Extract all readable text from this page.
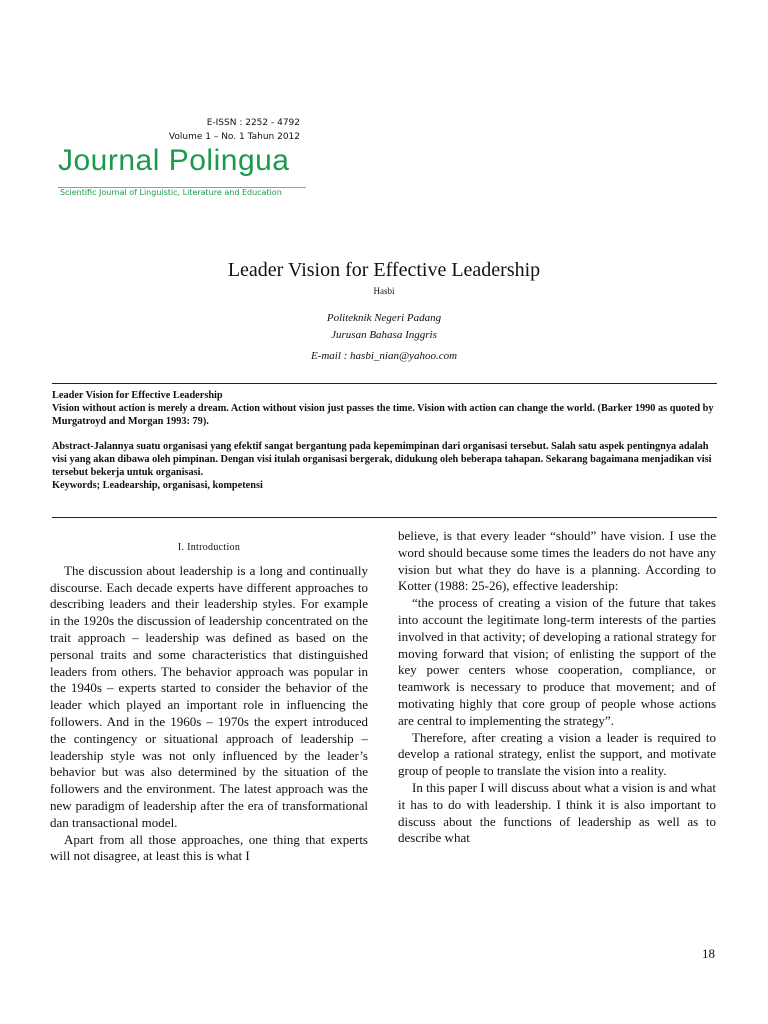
E-ISSN : 2252 - 4792
Volume 1 – No. 1 Tahun 2012
Journal Polingua
Scientific Journal of Linguistic, Literature and Education
Leader Vision for Effective Leadership
Hasbi
Politeknik Negeri Padang
Jurusan Bahasa Inggris
E-mail : hasbi_nian@yahoo.com

Leader Vision for Effective Leadership

Vision without action is merely a dream. Action without vision just passes the time. Vision with action can change the world. (Barker 1990 as quoted by Murgatroyd and Morgan 1993: 79).

Abstract-Jalannya suatu organisasi yang efektif sangat bergantung pada kepemimpinan dari organisasi tersebut. Salah satu aspek pentingnya adalah visi yang akan dibawa oleh pimpinan. Dengan visi itulah organisasi bergerak, didukung oleh beberapa tahapan. Sekarang bagaimana menjadikan visi tersebut bekerja untuk organisasi.

Keywords; Leadearship, organisasi, kompetensi

I. Introduction

The discussion about leadership is a long and continually discourse. Each decade experts have different approaches to describing leaders and their leadership styles. For example in the 1920s the discussion of leadership concentrated on the trait approach – leadership was defined as based on the personal traits and some characteristics that distinguished leaders from others. The behavior approach was popular in the 1940s – experts started to consider the behavior of the leader which played an important role in influencing the followers. And in the 1960s – 1970s the expert introduced the contingency or situational approach of leadership – leadership style was not only influenced by the leader’s behavior but was also determined by the situation of the followers and the environment. The latest approach was the new paradigm of leadership after the era of transformational dan transactional model.

Apart from all those approaches, one thing that experts will not disagree, at least this is what I

believe, is that every leader “should” have vision. I use the word should because some times the leaders do not have any vision but what they do have is a planning. According to Kotter (1988: 25-26), effective leadership:

“the process of creating a vision of the future that takes into account the legitimate long-term interests of the parties involved in that activity; of developing a rational strategy for moving forward that vision; of enlisting the support of the key power centers whose cooperation, compliance, or teamwork is necessary to produce that movement; and of motivating highly that core group of people whose actions are central to implementing the strategy”.

Therefore, after creating a vision a leader is required to develop a rational strategy, enlist the support, and motivate group of people to translate the vision into a reality.

In this paper I will discuss about what a vision is and what it has to do with leadership. I think it is also important to discuss about the functions of leadership as well as to describe what

18
